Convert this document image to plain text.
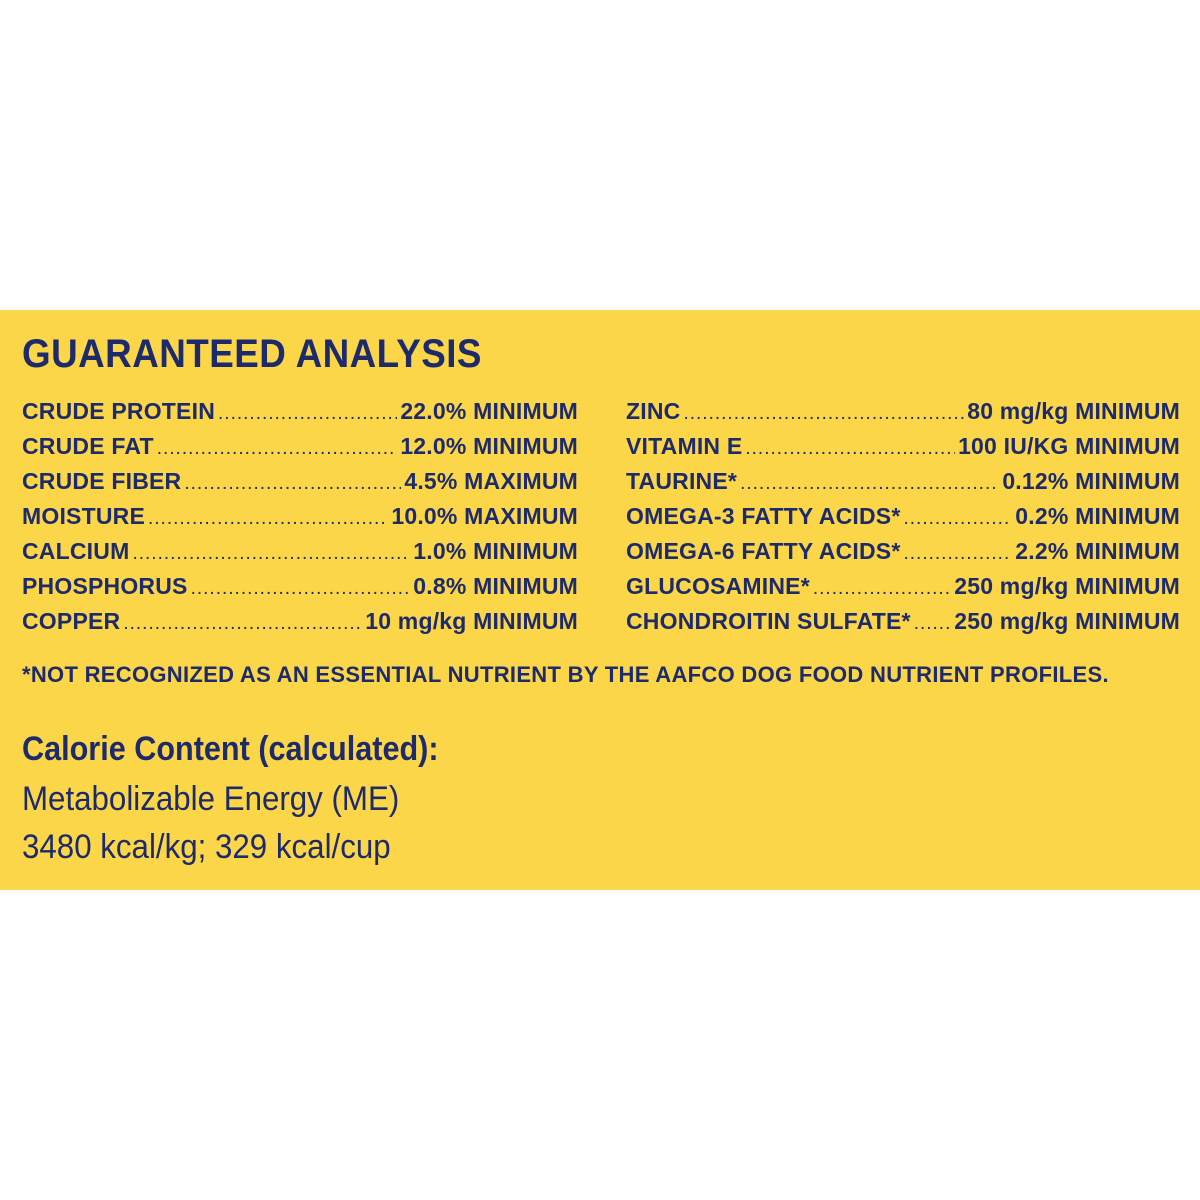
GUARANTEED ANALYSIS
CRUDE PROTEIN .....	22.0% MINIMUM
CRUDE FAT .....	12.0% MINIMUM
CRUDE FIBER .....	4.5% MAXIMUM
MOISTURE .....	10.0% MAXIMUM
CALCIUM .....	1.0% MINIMUM
PHOSPHORUS .....	0.8% MINIMUM
COPPER .....	10 mg/kg MINIMUM
ZINC .....	80 mg/kg MINIMUM
VITAMIN E .....	100 IU/KG MINIMUM
TAURINE* .....	0.12% MINIMUM
OMEGA-3 FATTY ACIDS* .....	0.2% MINIMUM
OMEGA-6 FATTY ACIDS* .....	2.2% MINIMUM
GLUCOSAMINE* .....	250 mg/kg MINIMUM
CHONDROITIN SULFATE* ..... 250 mg/kg MINIMUM

*NOT RECOGNIZED AS AN ESSENTIAL NUTRIENT BY THE AAFCO DOG FOOD NUTRIENT PROFILES.

Calorie Content (calculated):

Metabolizable Energy (ME)

3480 kcal/kg; 329 kcal/cup
